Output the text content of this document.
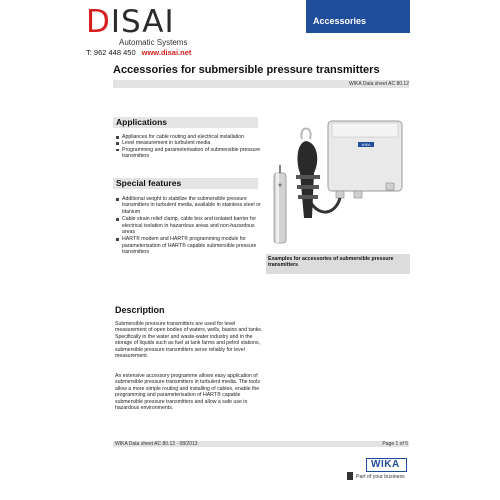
DISAI
Automatic Systems
T: 962 448 450 www.disai.net
Accessories
Accessories for submersible pressure transmitters
WIKA Data sheet AC 80.12
Applications
Appliances for cable routing and electrical installation
Level measurement in turbulent media
Programming and parameterisation of submersible pressure transmitters
Special features
Additional weight to stabilize the submersible pressure transmitters in turbulent media, available in stainless steel or titanium
Cable strain relief clamp, cable box and isolated barrier for electrical isolation in hazardous areas and non-hazardous areas
HART® modem and HART® programming module for parameterisation of HART® capable submersible pressure transmitters
WIKA
Examples for accessories of submersible pressure transmitters
Description

Submersible pressure transmitters are used for level measurement of open bodies of waters, wells, basins and tanks. Specifically in the water and waste-water industry and in the storage of liquids such as fuel at tank farms and petrol stations, submersible pressure transmitters serve reliably for level measurement.

An extensive accessory programme allows easy application of submersible pressure transmitters in turbulent media. The tools allow a more simple routing and installing of cables, enable the programming and parameterisation of HART® capable submersible pressure transmitters and allow a safe use in hazardous environments.

WIKA Data sheet AC 80.12 · 08/2013	Page 1 of 5
WIKA
Part of your business
